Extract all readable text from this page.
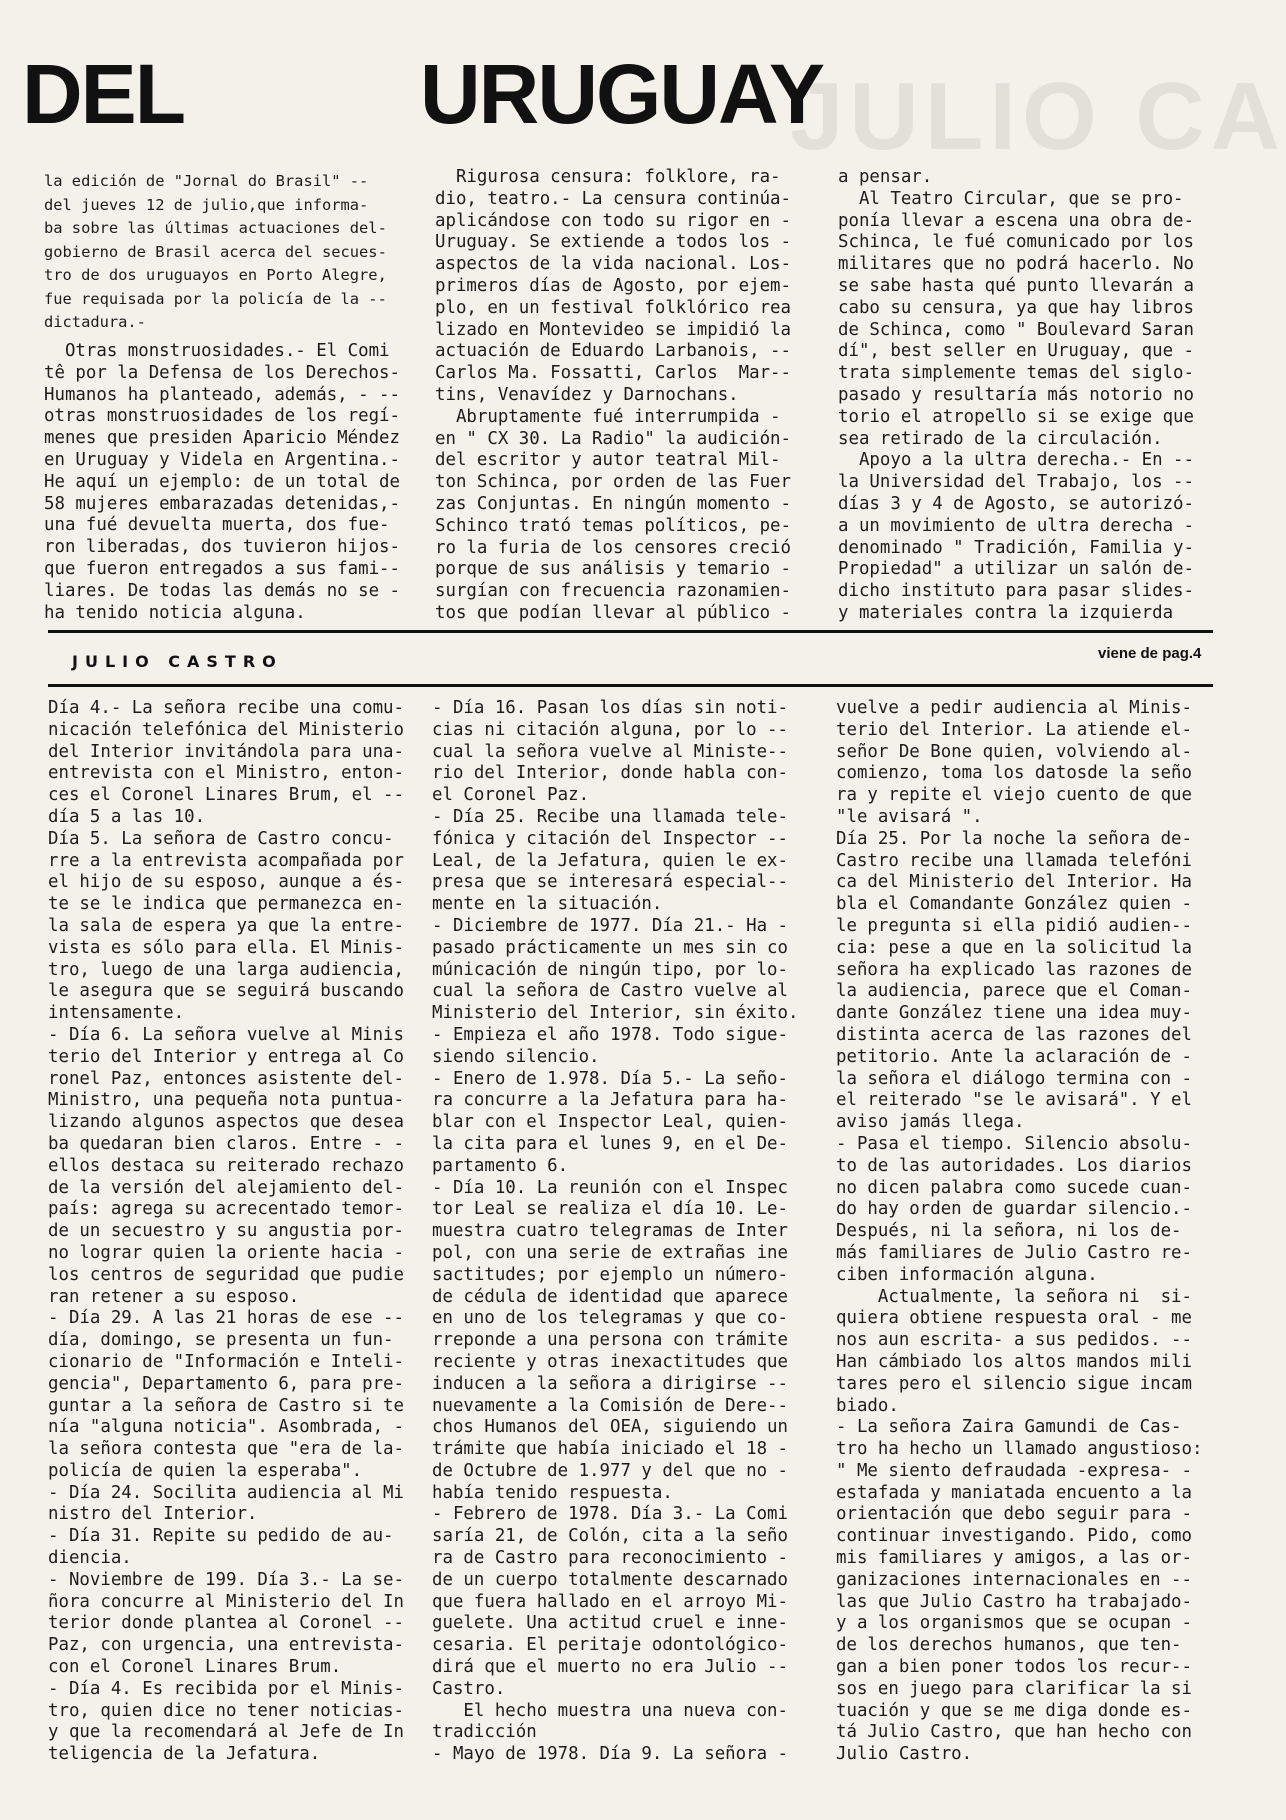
JULIO CA
DEL	URUGUAY
la edición de "Jornal do Brasil" --
del jueves 12 de julio,que informa-
ba sobre las últimas actuaciones del-
gobierno de Brasil acerca del secues-
tro de dos uruguayos en Porto Alegre,
fue requisada por la policía de la --
dictadura.-
Otras monstruosidades.- El Comi
tê por la Defensa de los Derechos-
Humanos ha planteado, además, - --
otras monstruosidades de los regí-
menes que presiden Aparicio Méndez
en Uruguay y Videla en Argentina.-
He aquí un ejemplo: de un total de
58 mujeres embarazadas detenidas,-
una fué devuelta muerta, dos fue-
ron liberadas, dos tuvieron hijos-
que fueron entregados a sus fami--
liares. De todas las demás no se -
ha tenido noticia alguna.
Rigurosa censura: folklore, ra-
dio, teatro.- La censura continúa-
aplicándose con todo su rigor en -
Uruguay. Se extiende a todos los -
aspectos de la vida nacional. Los-
primeros días de Agosto, por ejem-
plo, en un festival folklórico rea
lizado en Montevideo se impidió la
actuación de Eduardo Larbanois, --
Carlos Ma. Fossatti, Carlos  Mar--
tins, Venavídez y Darnochans.
Abruptamente fué interrumpida -
en " CX 30. La Radio" la audición-
del escritor y autor teatral Mil-
ton Schinca, por orden de las Fuer
zas Conjuntas. En ningún momento -
Schinco trató temas políticos, pe-
ro la furia de los censores creció
porque de sus análisis y temario -
surgían con frecuencia razonamien-
tos que podían llevar al público -
a pensar.
Al Teatro Circular, que se pro-
ponía llevar a escena una obra de-
Schinca, le fué comunicado por los
militares que no podrá hacerlo. No
se sabe hasta qué punto llevarán a
cabo su censura, ya que hay libros
de Schinca, como " Boulevard Saran
dí", best seller en Uruguay, que -
trata simplemente temas del siglo-
pasado y resultaría más notorio no
torio el atropello si se exige que
sea retirado de la circulación.
Apoyo a la ultra derecha.- En --
la Universidad del Trabajo, los --
días 3 y 4 de Agosto, se autorizó-
a un movimiento de ultra derecha -
denominado " Tradición, Familia y-
Propiedad" a utilizar un salón de-
dicho instituto para pasar slides-
y materiales contra la izquierda
JULIO CASTRO	viene de pag.4
Día 4.- La señora recibe una comu-
nicación telefónica del Ministerio
del Interior invitándola para una-
entrevista con el Ministro, enton-
ces el Coronel Linares Brum, el --
día 5 a las 10.
Día 5. La señora de Castro concu-
rre a la entrevista acompañada por
el hijo de su esposo, aunque a és-
te se le indica que permanezca en-
la sala de espera ya que la entre-
vista es sólo para ella. El Minis-
tro, luego de una larga audiencia,
le asegura que se seguirá buscando
intensamente.
- Día 6. La señora vuelve al Minis
terio del Interior y entrega al Co
ronel Paz, entonces asistente del-
Ministro, una pequeña nota puntua-
lizando algunos aspectos que desea
ba quedaran bien claros. Entre - -
ellos destaca su reiterado rechazo
de la versión del alejamiento del-
país: agrega su acrecentado temor-
de un secuestro y su angustia por-
no lograr quien la oriente hacia -
los centros de seguridad que pudie
ran retener a su esposo.
- Día 29. A las 21 horas de ese --
día, domingo, se presenta un fun-
cionario de "Información e Inteli-
gencia", Departamento 6, para pre-
guntar a la señora de Castro si te
nía "alguna noticia". Asombrada, -
la señora contesta que "era de la-
policía de quien la esperaba".
- Día 24. Socilita audiencia al Mi
nistro del Interior.
- Día 31. Repite su pedido de au-
diencia.
- Noviembre de 199. Día 3.- La se-
ñora concurre al Ministerio del In
terior donde plantea al Coronel --
Paz, con urgencia, una entrevista-
con el Coronel Linares Brum.
- Día 4. Es recibida por el Minis-
tro, quien dice no tener noticias-
y que la recomendará al Jefe de In
teligencia de la Jefatura.
- Día 16. Pasan los días sin noti-
cias ni citación alguna, por lo --
cual la señora vuelve al Ministe--
rio del Interior, donde habla con-
el Coronel Paz.
- Día 25. Recibe una llamada tele-
fónica y citación del Inspector --
Leal, de la Jefatura, quien le ex-
presa que se interesará especial--
mente en la situación.
- Diciembre de 1977. Día 21.- Ha -
pasado prácticamente un mes sin co
múnicación de ningún tipo, por lo-
cual la señora de Castro vuelve al
Ministerio del Interior, sin éxito.
- Empieza el año 1978. Todo sigue-
siendo silencio.
- Enero de 1.978. Día 5.- La seño-
ra concurre a la Jefatura para ha-
blar con el Inspector Leal, quien-
la cita para el lunes 9, en el De-
partamento 6.
- Día 10. La reunión con el Inspec
tor Leal se realiza el día 10. Le-
muestra cuatro telegramas de Inter
pol, con una serie de extrañas ine
sactitudes; por ejemplo un número-
de cédula de identidad que aparece
en uno de los telegramas y que co-
rreponde a una persona con trámite
reciente y otras inexactitudes que
inducen a la señora a dirigirse --
nuevamente a la Comisión de Dere--
chos Humanos del OEA, siguiendo un
trámite que había iniciado el 18 -
de Octubre de 1.977 y del que no -
había tenido respuesta.
- Febrero de 1978. Día 3.- La Comi
saría 21, de Colón, cita a la seño
ra de Castro para reconocimiento -
de un cuerpo totalmente descarnado
que fuera hallado en el arroyo Mi-
guelete. Una actitud cruel e inne-
cesaria. El peritaje odontológico-
dirá que el muerto no era Julio --
Castro.
El hecho muestra una nueva con-
tradicción
- Mayo de 1978. Día 9. La señora -
vuelve a pedir audiencia al Minis-
terio del Interior. La atiende el-
señor De Bone quien, volviendo al-
comienzo, toma los datosde la seño
ra y repite el viejo cuento de que
"le avisará ".
Día 25. Por la noche la señora de-
Castro recibe una llamada telefóni
ca del Ministerio del Interior. Ha
bla el Comandante González quien -
le pregunta si ella pidió audien--
cia: pese a que en la solicitud la
señora ha explicado las razones de
la audiencia, parece que el Coman-
dante González tiene una idea muy-
distinta acerca de las razones del
petitorio. Ante la aclaración de -
la señora el diálogo termina con -
el reiterado "se le avisará". Y el
aviso jamás llega.
- Pasa el tiempo. Silencio absolu-
to de las autoridades. Los diarios
no dicen palabra como sucede cuan-
do hay orden de guardar silencio.-
Después, ni la señora, ni los de-
más familiares de Julio Castro re-
ciben información alguna.
Actualmente, la señora ni  si-
quiera obtiene respuesta oral - me
nos aun escrita- a sus pedidos. --
Han cámbiado los altos mandos mili
tares pero el silencio sigue incam
biado.
- La señora Zaira Gamundi de Cas-
tro ha hecho un llamado angustioso:
" Me siento defraudada -expresa- -
estafada y maniatada encuento a la
orientación que debo seguir para -
continuar investigando. Pido, como
mis familiares y amigos, a las or-
ganizaciones internacionales en --
las que Julio Castro ha trabajado-
y a los organismos que se ocupan -
de los derechos humanos, que ten-
gan a bien poner todos los recur--
sos en juego para clarificar la si
tuación y que se me diga donde es-
tá Julio Castro, que han hecho con
Julio Castro.
